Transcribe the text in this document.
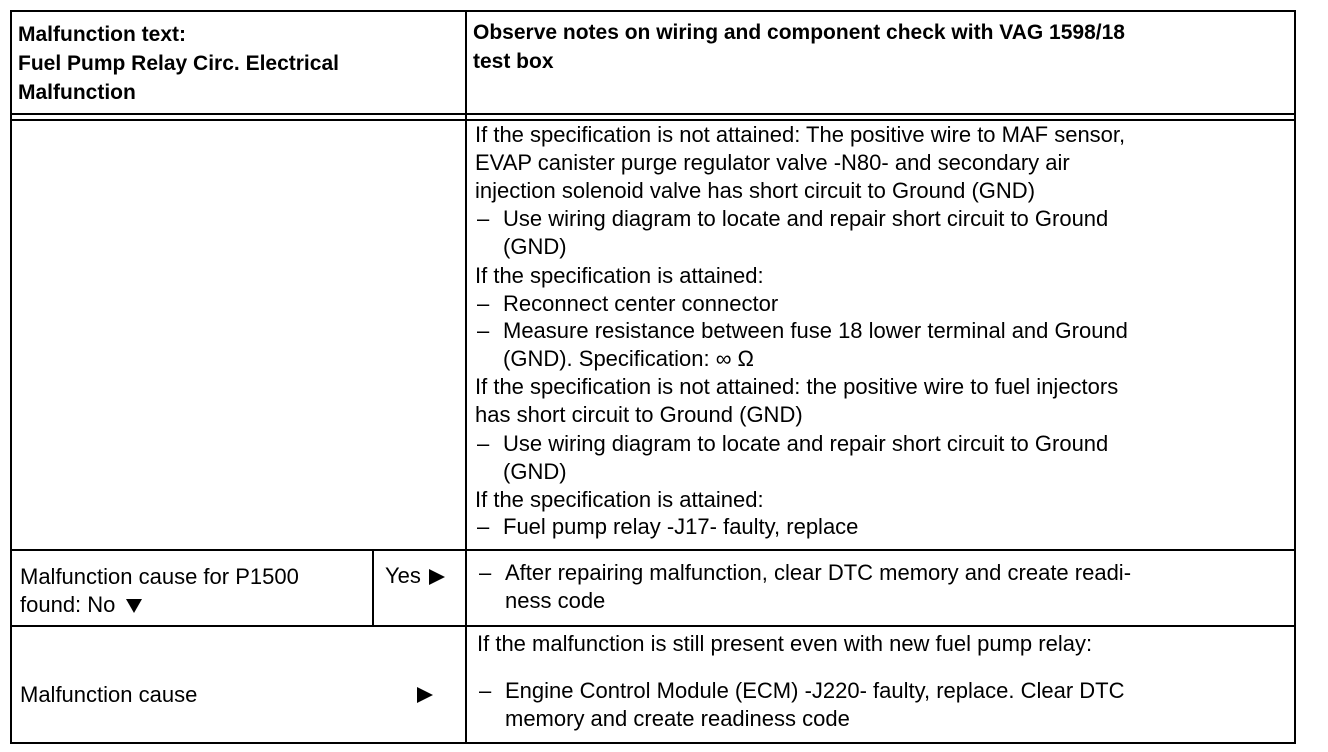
Malfunction text:
Fuel Pump Relay Circ. Electrical
Malfunction
Observe notes on wiring and component check with VAG 1598/18
test box
If the specification is not attained: The positive wire to MAF sensor,
EVAP canister purge regulator valve -N80- and secondary air
injection solenoid valve has short circuit to Ground (GND)
– Use wiring diagram to locate and repair short circuit to Ground
(GND)
If the specification is attained:
– Reconnect center connector
– Measure resistance between fuse 18 lower terminal and Ground
(GND). Specification: ∞ Ω
If the specification is not attained: the positive wire to fuel injectors
has short circuit to Ground (GND)
– Use wiring diagram to locate and repair short circuit to Ground
(GND)
If the specification is attained:
– Fuel pump relay -J17- faulty, replace
Malfunction cause for P1500
found: No
Yes	– After repairing malfunction, clear DTC memory and create readi-
ness code
Malfunction cause
If the malfunction is still present even with new fuel pump relay:
– Engine Control Module (ECM) -J220- faulty, replace. Clear DTC
memory and create readiness code
